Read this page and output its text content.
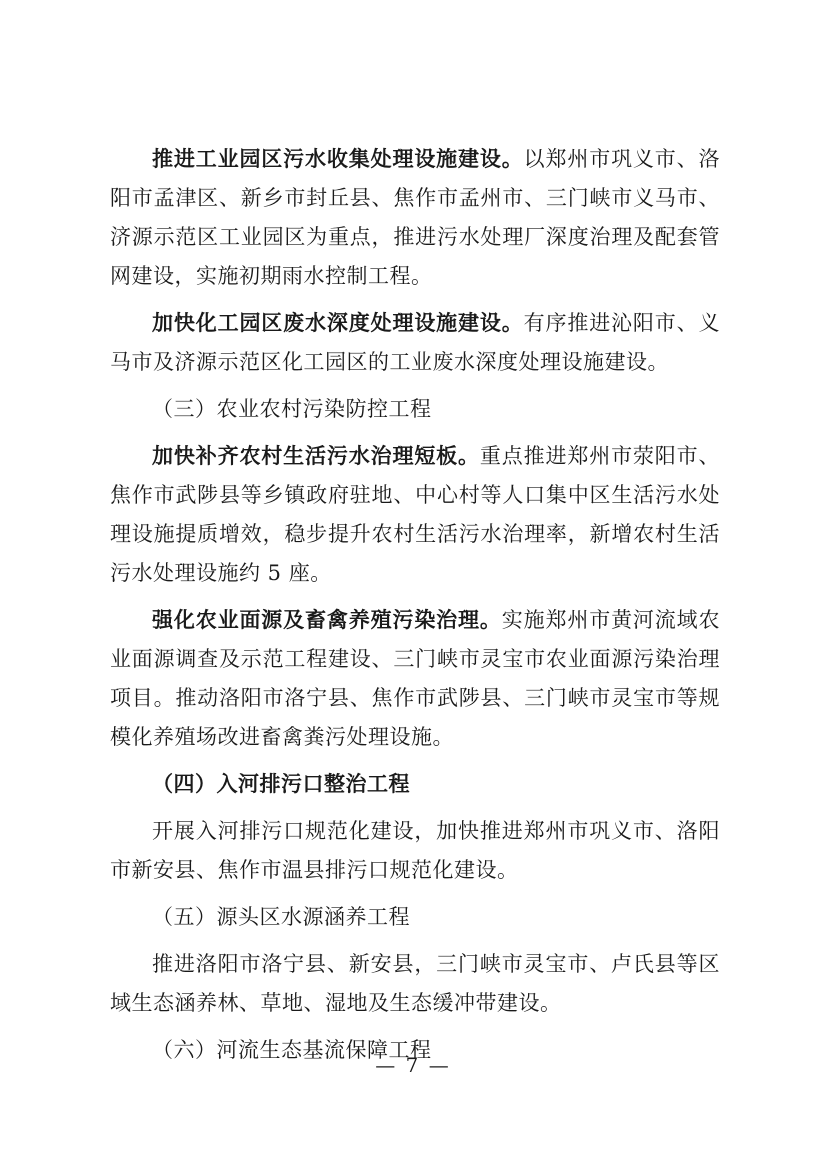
推进工业园区污水收集处理设施建设。以郑州市巩义市、洛阳市孟津区、新乡市封丘县、焦作市孟州市、三门峡市义马市、济源示范区工业园区为重点，推进污水处理厂深度治理及配套管网建设，实施初期雨水控制工程。

加快化工园区废水深度处理设施建设。有序推进沁阳市、义马市及济源示范区化工园区的工业废水深度处理设施建设。

（三）农业农村污染防控工程

加快补齐农村生活污水治理短板。重点推进郑州市荥阳市、焦作市武陟县等乡镇政府驻地、中心村等人口集中区生活污水处理设施提质增效，稳步提升农村生活污水治理率，新增农村生活污水处理设施约 5 座。

强化农业面源及畜禽养殖污染治理。实施郑州市黄河流域农业面源调查及示范工程建设、三门峡市灵宝市农业面源污染治理项目。推动洛阳市洛宁县、焦作市武陟县、三门峡市灵宝市等规模化养殖场改进畜禽粪污处理设施。

（四）入河排污口整治工程

开展入河排污口规范化建设，加快推进郑州市巩义市、洛阳市新安县、焦作市温县排污口规范化建设。

（五）源头区水源涵养工程

推进洛阳市洛宁县、新安县，三门峡市灵宝市、卢氏县等区域生态涵养林、草地、湿地及生态缓冲带建设。

（六）河流生态基流保障工程

— 7 —
